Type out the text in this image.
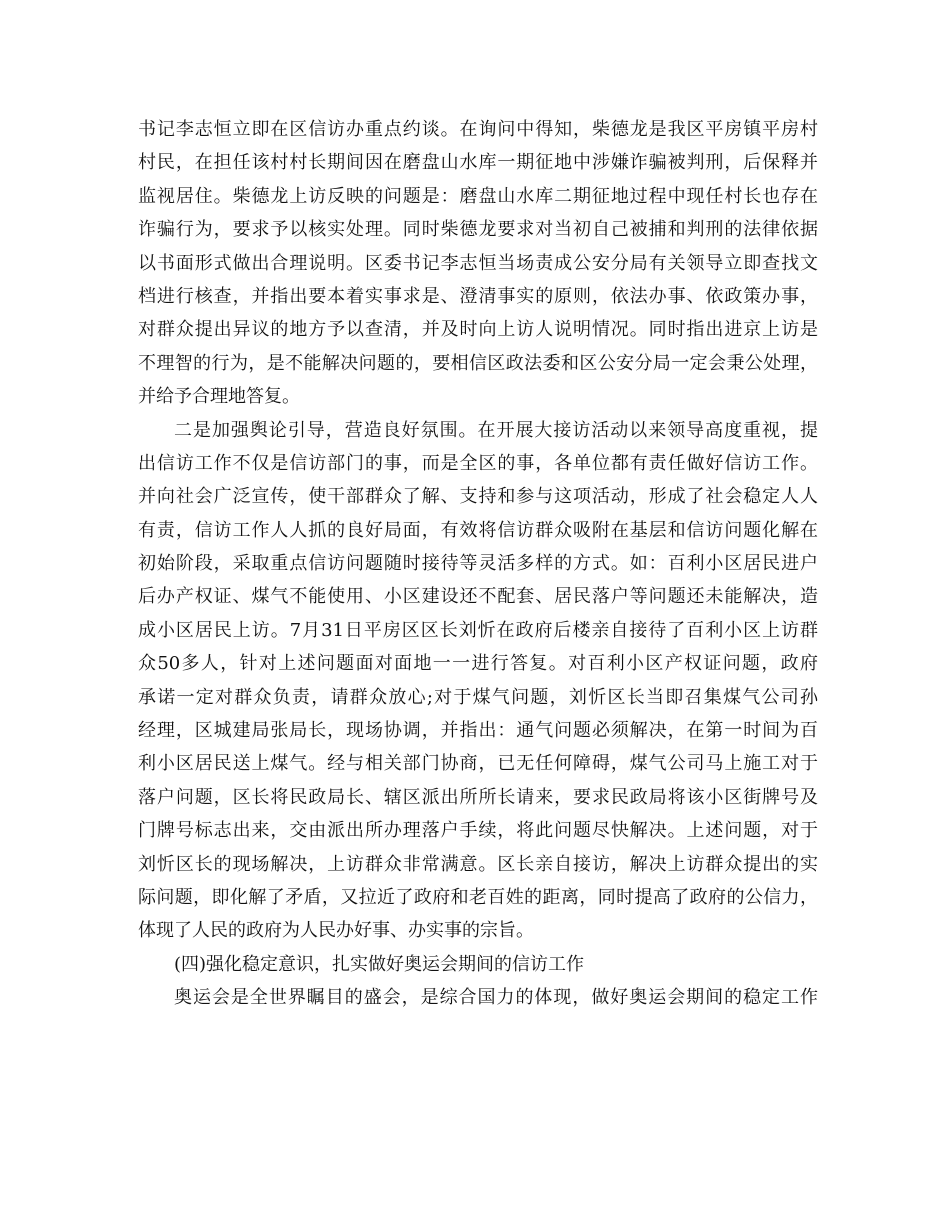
书记李志恒立即在区信访办重点约谈。在询问中得知，柴德龙是我区平房镇平房村
村民，在担任该村村长期间因在磨盘山水库一期征地中涉嫌诈骗被判刑，后保释并
监视居住。柴德龙上访反映的问题是：磨盘山水库二期征地过程中现任村长也存在
诈骗行为，要求予以核实处理。同时柴德龙要求对当初自己被捕和判刑的法律依据
以书面形式做出合理说明。区委书记李志恒当场责成公安分局有关领导立即查找文
档进行核查，并指出要本着实事求是、澄清事实的原则，依法办事、依政策办事，
对群众提出异议的地方予以查清，并及时向上访人说明情况。同时指出进京上访是
不理智的行为，是不能解决问题的，要相信区政法委和区公安分局一定会秉公处理，
并给予合理地答复。
二是加强舆论引导，营造良好氛围。在开展大接访活动以来领导高度重视，提
出信访工作不仅是信访部门的事，而是全区的事，各单位都有责任做好信访工作。
并向社会广泛宣传，使干部群众了解、支持和参与这项活动，形成了社会稳定人人
有责，信访工作人人抓的良好局面，有效将信访群众吸附在基层和信访问题化解在
初始阶段，采取重点信访问题随时接待等灵活多样的方式。如：百利小区居民进户
后办产权证、煤气不能使用、小区建设还不配套、居民落户等问题还未能解决，造
成小区居民上访。7月31日平房区区长刘忻在政府后楼亲自接待了百利小区上访群
众50多人，针对上述问题面对面地一一进行答复。对百利小区产权证问题，政府
承诺一定对群众负责，请群众放心;对于煤气问题，刘忻区长当即召集煤气公司孙
经理，区城建局张局长，现场协调，并指出：通气问题必须解决，在第一时间为百
利小区居民送上煤气。经与相关部门协商，已无任何障碍，煤气公司马上施工对于
落户问题，区长将民政局长、辖区派出所所长请来，要求民政局将该小区街牌号及
门牌号标志出来，交由派出所办理落户手续，将此问题尽快解决。上述问题，对于
刘忻区长的现场解决，上访群众非常满意。区长亲自接访，解决上访群众提出的实
际问题，即化解了矛盾，又拉近了政府和老百姓的距离，同时提高了政府的公信力，
体现了人民的政府为人民办好事、办实事的宗旨。
(四)强化稳定意识，扎实做好奥运会期间的信访工作
奥运会是全世界瞩目的盛会，是综合国力的体现，做好奥运会期间的稳定工作
